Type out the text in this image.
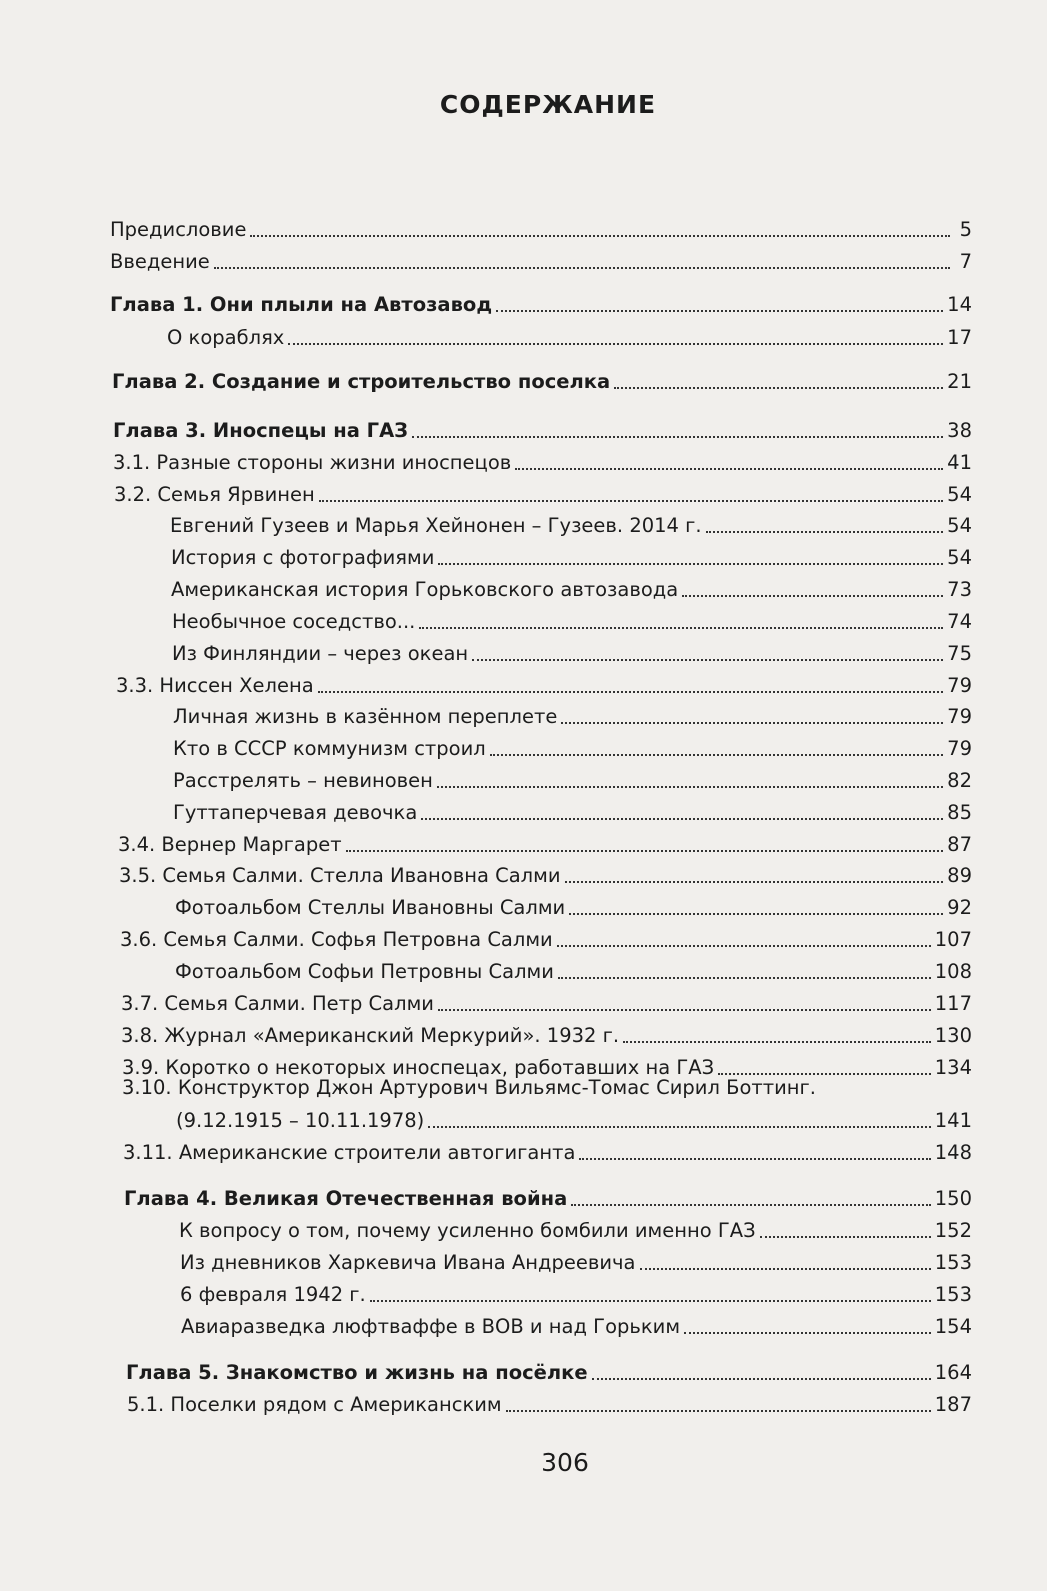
СОДЕРЖАНИЕ
Предисловие	5
Введение	7
Глава 1. Они плыли на Автозавод	14
О кораблях	17
Глава 2. Создание и строительство поселка	21
Глава 3. Иноспецы на ГАЗ	38
3.1. Разные стороны жизни иноспецов	41
3.2. Семья Ярвинен	54
Евгений Гузеев и Марья Хейнонен – Гузеев. 2014 г.	54
История с фотографиями	54
Американская история Горьковского автозавода	73
Необычное соседство...	74
Из Финляндии – через океан	75
3.3. Ниссен Хелена	79
Личная жизнь в казённом переплете	79
Кто в СССР коммунизм строил	79
Расстрелять – невиновен	82
Гуттаперчевая девочка	85
3.4. Вернер Маргарет	87
3.5. Семья Салми. Стелла Ивановна Салми	89
Фотоальбом Стеллы Ивановны Салми	92
3.6. Семья Салми. Софья Петровна Салми	107
Фотоальбом Софьи Петровны Салми	108
3.7. Семья Салми. Петр Салми	117
3.8. Журнал «Американский Меркурий». 1932 г.	130
3.9. Коротко о некоторых иноспецах, работавших на ГАЗ	134
3.10. Конструктор Джон Артурович Вильямс-Томас Сирил Боттинг.
(9.12.1915 – 10.11.1978)	141
3.11. Американские строители автогиганта	148
Глава 4. Великая Отечественная война	150
К вопросу о том, почему усиленно бомбили именно ГАЗ	152
Из дневников Харкевича Ивана Андреевича	153
6 февраля 1942 г.	153
Авиаразведка люфтваффе в ВОВ и над Горьким	154
Глава 5. Знакомство и жизнь на посёлке	164
5.1. Поселки рядом с Американским	187
306
